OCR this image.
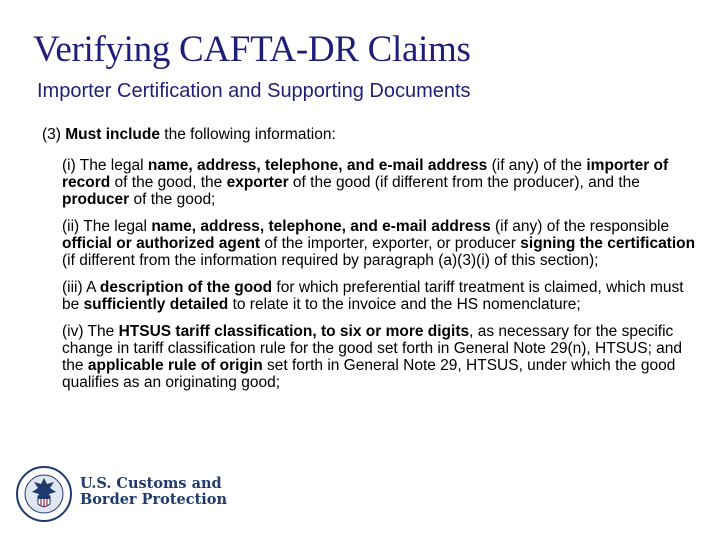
Verifying CAFTA-DR Claims
Importer Certification and Supporting Documents
(3) Must include the following information:

(i) The legal name, address, telephone, and e-mail address (if any) of the importer of record of the good, the exporter of the good (if different from the producer), and the producer of the good;

(ii) The legal name, address, telephone, and e-mail address (if any) of the responsible official or authorized agent of the importer, exporter, or producer signing the certification (if different from the information required by paragraph (a)(3)(i) of this section);

(iii) A description of the good for which preferential tariff treatment is claimed, which must be sufficiently detailed to relate it to the invoice and the HS nomenclature;

(iv) The HTSUS tariff classification, to six or more digits, as necessary for the specific change in tariff classification rule for the good set forth in General Note 29(n), HTSUS; and the applicable rule of origin set forth in General Note 29, HTSUS, under which the good qualifies as an originating good;

U.S. Customs and
Border Protection
